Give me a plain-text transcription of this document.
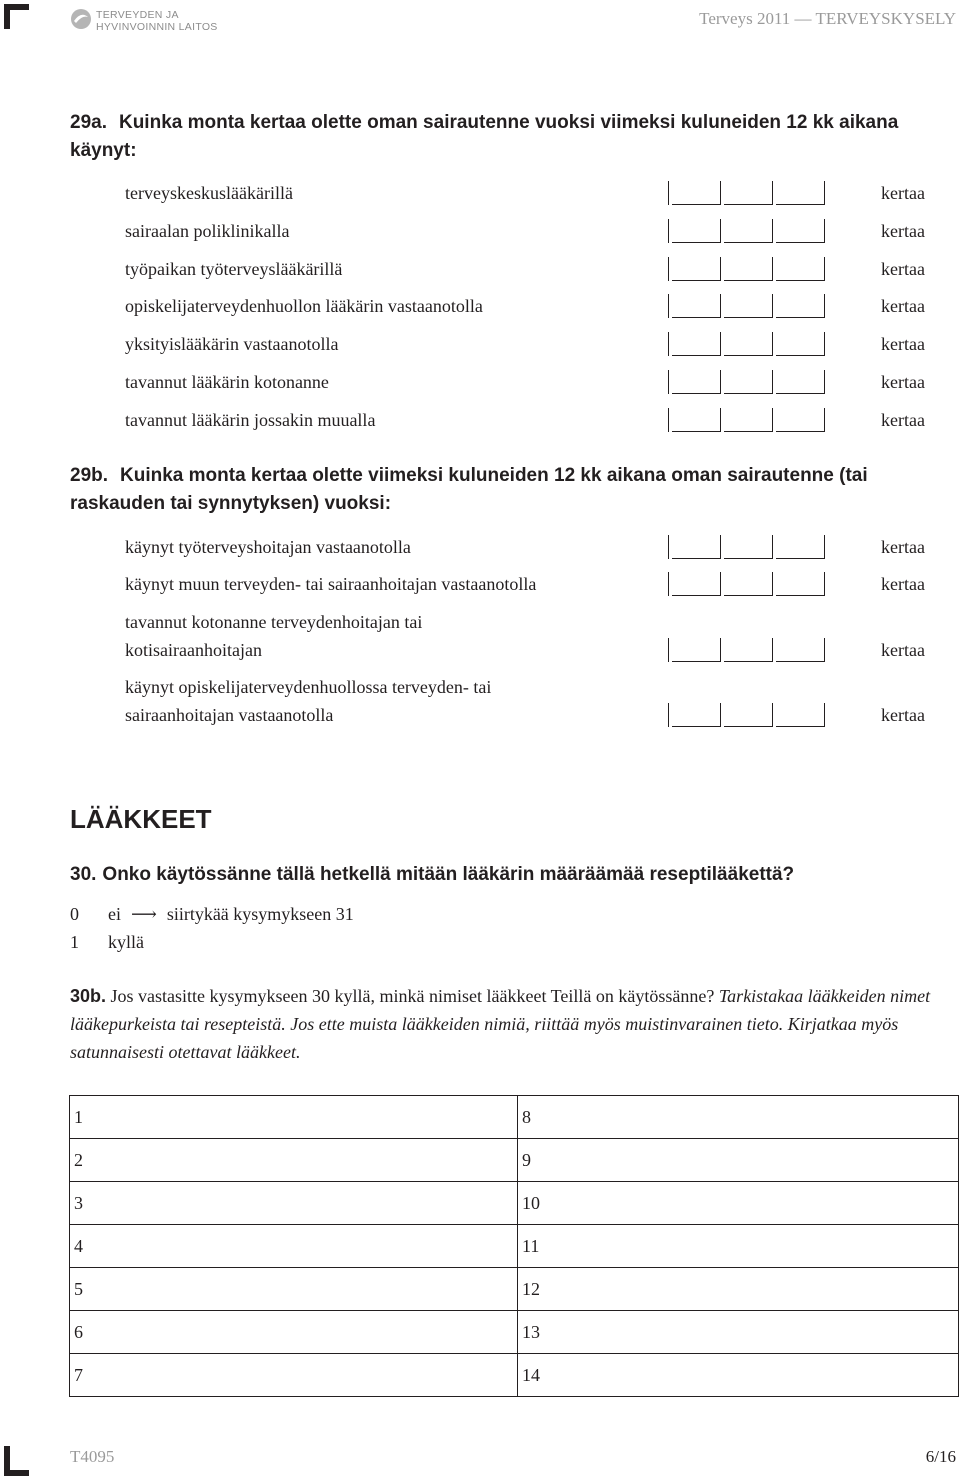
TERVEYDEN JA
HYVINVOINNIN LAITOS	Terveys 2011 — TERVEYSKYSELY
29a. Kuinka monta kertaa olette oman sairautenne vuoksi viimeksi kuluneiden 12 kk aikana käynyt:
terveyskeskuslääkärillä	kertaa
sairaalan poliklinikalla	kertaa
työpaikan työterveyslääkärillä	kertaa
opiskelijaterveydenhuollon lääkärin vastaanotolla	kertaa
yksityislääkärin vastaanotolla	kertaa
tavannut lääkärin kotonanne	kertaa
tavannut lääkärin jossakin muualla	kertaa
29b. Kuinka monta kertaa olette viimeksi kuluneiden 12 kk aikana oman sairautenne (tai raskauden tai synnytyksen) vuoksi:
käynyt työterveyshoitajan vastaanotolla	kertaa
käynyt muun terveyden- tai sairaanhoitajan vastaanotolla	kertaa
tavannut kotonanne terveydenhoitajan tai
kotisairaanhoitajan	kertaa
käynyt opiskelijaterveydenhuollossa terveyden- tai
sairaanhoitajan vastaanotolla	kertaa
LÄÄKKEET
30. Onko käytössänne tällä hetkellä mitään lääkärin määräämää reseptilääkettä?
0 ei ⟶ siirtykää kysymykseen 31
1 kyllä
30b. Jos vastasitte kysymykseen 30 kyllä, minkä nimiset lääkkeet Teillä on käytössänne? Tarkistakaa lääkkeiden nimet lääkepurkeista tai resepteistä. Jos ette muista lääkkeiden nimiä, riittää myös muistinvarainen tieto. Kirjatkaa myös satunnaisesti otettavat lääkkeet.
1	8
2	9
3	10
4	11
5	12
6	13
7	14
T4095	6/16
